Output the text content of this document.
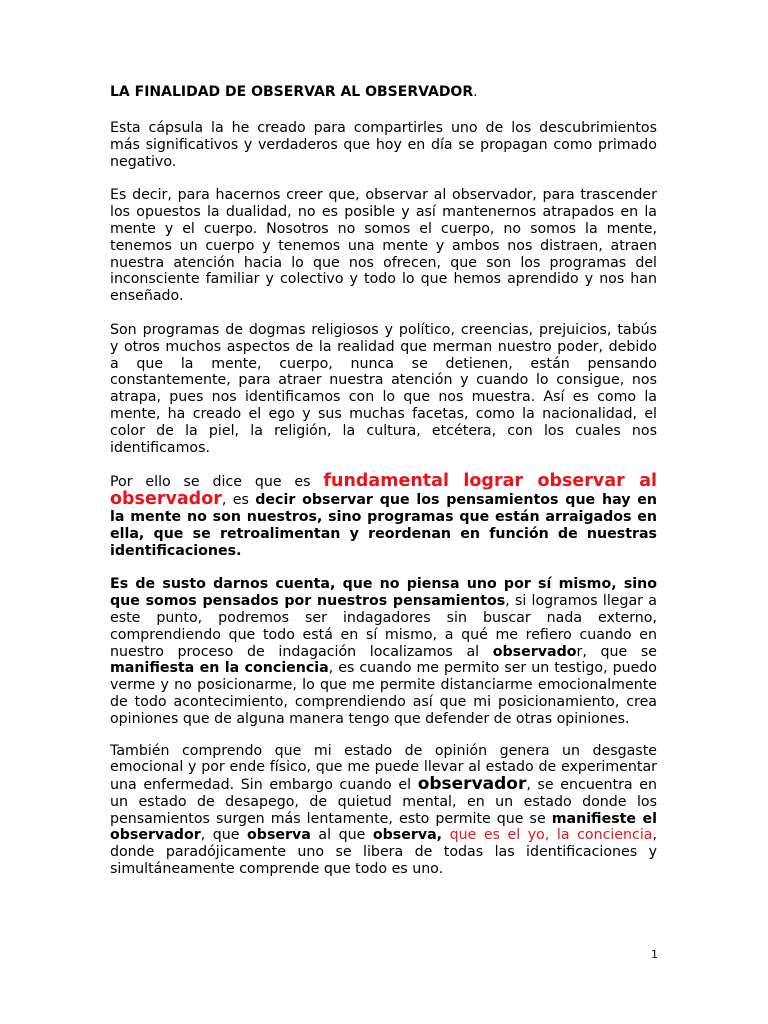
LA FINALIDAD DE OBSERVAR AL OBSERVADOR.

Esta cápsula la he creado para compartirles uno de los descubrimientos más significativos y verdaderos que hoy en día se propagan como primado negativo.

Es decir, para hacernos creer que, observar al observador, para trascender los opuestos la dualidad, no es posible y así mantenernos atrapados en la mente y el cuerpo. Nosotros no somos el cuerpo, no somos la mente, tenemos un cuerpo y tenemos una mente y ambos nos distraen, atraen nuestra atención hacia lo que nos ofrecen, que son los programas del inconsciente familiar y colectivo y todo lo que hemos aprendido y nos han enseñado.

Son programas de dogmas religiosos y político, creencias, prejuicios, tabús y otros muchos aspectos de la realidad que merman nuestro poder, debido a que la mente, cuerpo, nunca se detienen, están pensando constantemente, para atraer nuestra atención y cuando lo consigue, nos atrapa, pues nos identificamos con lo que nos muestra. Así es como la mente, ha creado el ego y sus muchas facetas, como la nacionalidad, el color de la piel, la religión, la cultura, etcétera, con los cuales nos identificamos.

Por ello se dice que es fundamental lograr observar al observador, es decir observar que los pensamientos que hay en la mente no son nuestros, sino programas que están arraigados en ella, que se retroalimentan y reordenan en función de nuestras identificaciones.

Es de susto darnos cuenta, que no piensa uno por sí mismo, sino que somos pensados por nuestros pensamientos, si logramos llegar a este punto, podremos ser indagadores sin buscar nada externo, comprendiendo que todo está en sí mismo, a qué me refiero cuando en nuestro proceso de indagación localizamos al observador, que se manifiesta en la conciencia, es cuando me permito ser un testigo, puedo verme y no posicionarme, lo que me permite distanciarme emocionalmente de todo acontecimiento, comprendiendo así que mi posicionamiento, crea opiniones que de alguna manera tengo que defender de otras opiniones.

También comprendo que mi estado de opinión genera un desgaste emocional y por ende físico, que me puede llevar al estado de experimentar una enfermedad. Sin embargo cuando el observador, se encuentra en un estado de desapego, de quietud mental, en un estado donde los pensamientos surgen más lentamente, esto permite que se manifieste el observador, que observa al que observa, que es el yo, la conciencia, donde paradójicamente uno se libera de todas las identificaciones y simultáneamente comprende que todo es uno.

1
